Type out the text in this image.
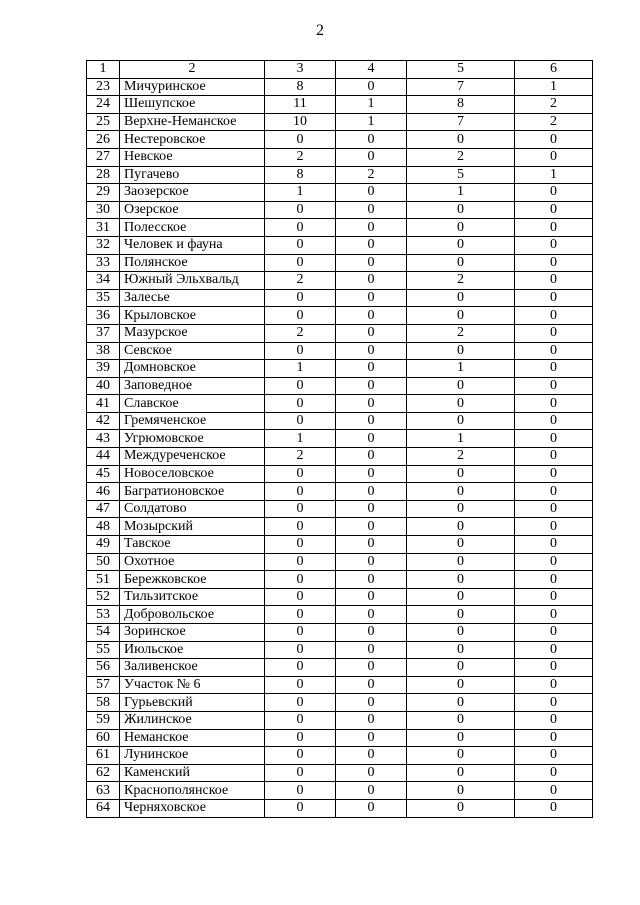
2
1	2	3	4	5	6
23	Мичуринское	8	0	7	1
24	Шешупское	11	1	8	2
25	Верхне-Неманское	10	1	7	2
26	Нестеровское	0	0	0	0
27	Невское	2	0	2	0
28	Пугачево	8	2	5	1
29	Заозерское	1	0	1	0
30	Озерское	0	0	0	0
31	Полесское	0	0	0	0
32	Человек и фауна	0	0	0	0
33	Полянское	0	0	0	0
34	Южный Эльхвальд	2	0	2	0
35	Залесье	0	0	0	0
36	Крыловское	0	0	0	0
37	Мазурское	2	0	2	0
38	Севское	0	0	0	0
39	Домновское	1	0	1	0
40	Заповедное	0	0	0	0
41	Славское	0	0	0	0
42	Гремяченское	0	0	0	0
43	Угрюмовское	1	0	1	0
44	Междуреченское	2	0	2	0
45	Новоселовское	0	0	0	0
46	Багратионовское	0	0	0	0
47	Солдатово	0	0	0	0
48	Мозырский	0	0	0	0
49	Тавское	0	0	0	0
50	Охотное	0	0	0	0
51	Бережковское	0	0	0	0
52	Тильзитское	0	0	0	0
53	Добровольское	0	0	0	0
54	Зоринское	0	0	0	0
55	Июльское	0	0	0	0
56	Заливенское	0	0	0	0
57	Участок № 6	0	0	0	0
58	Гурьевский	0	0	0	0
59	Жилинское	0	0	0	0
60	Неманское	0	0	0	0
61	Лунинское	0	0	0	0
62	Каменский	0	0	0	0
63	Краснополянское	0	0	0	0
64	Черняховское	0	0	0	0
